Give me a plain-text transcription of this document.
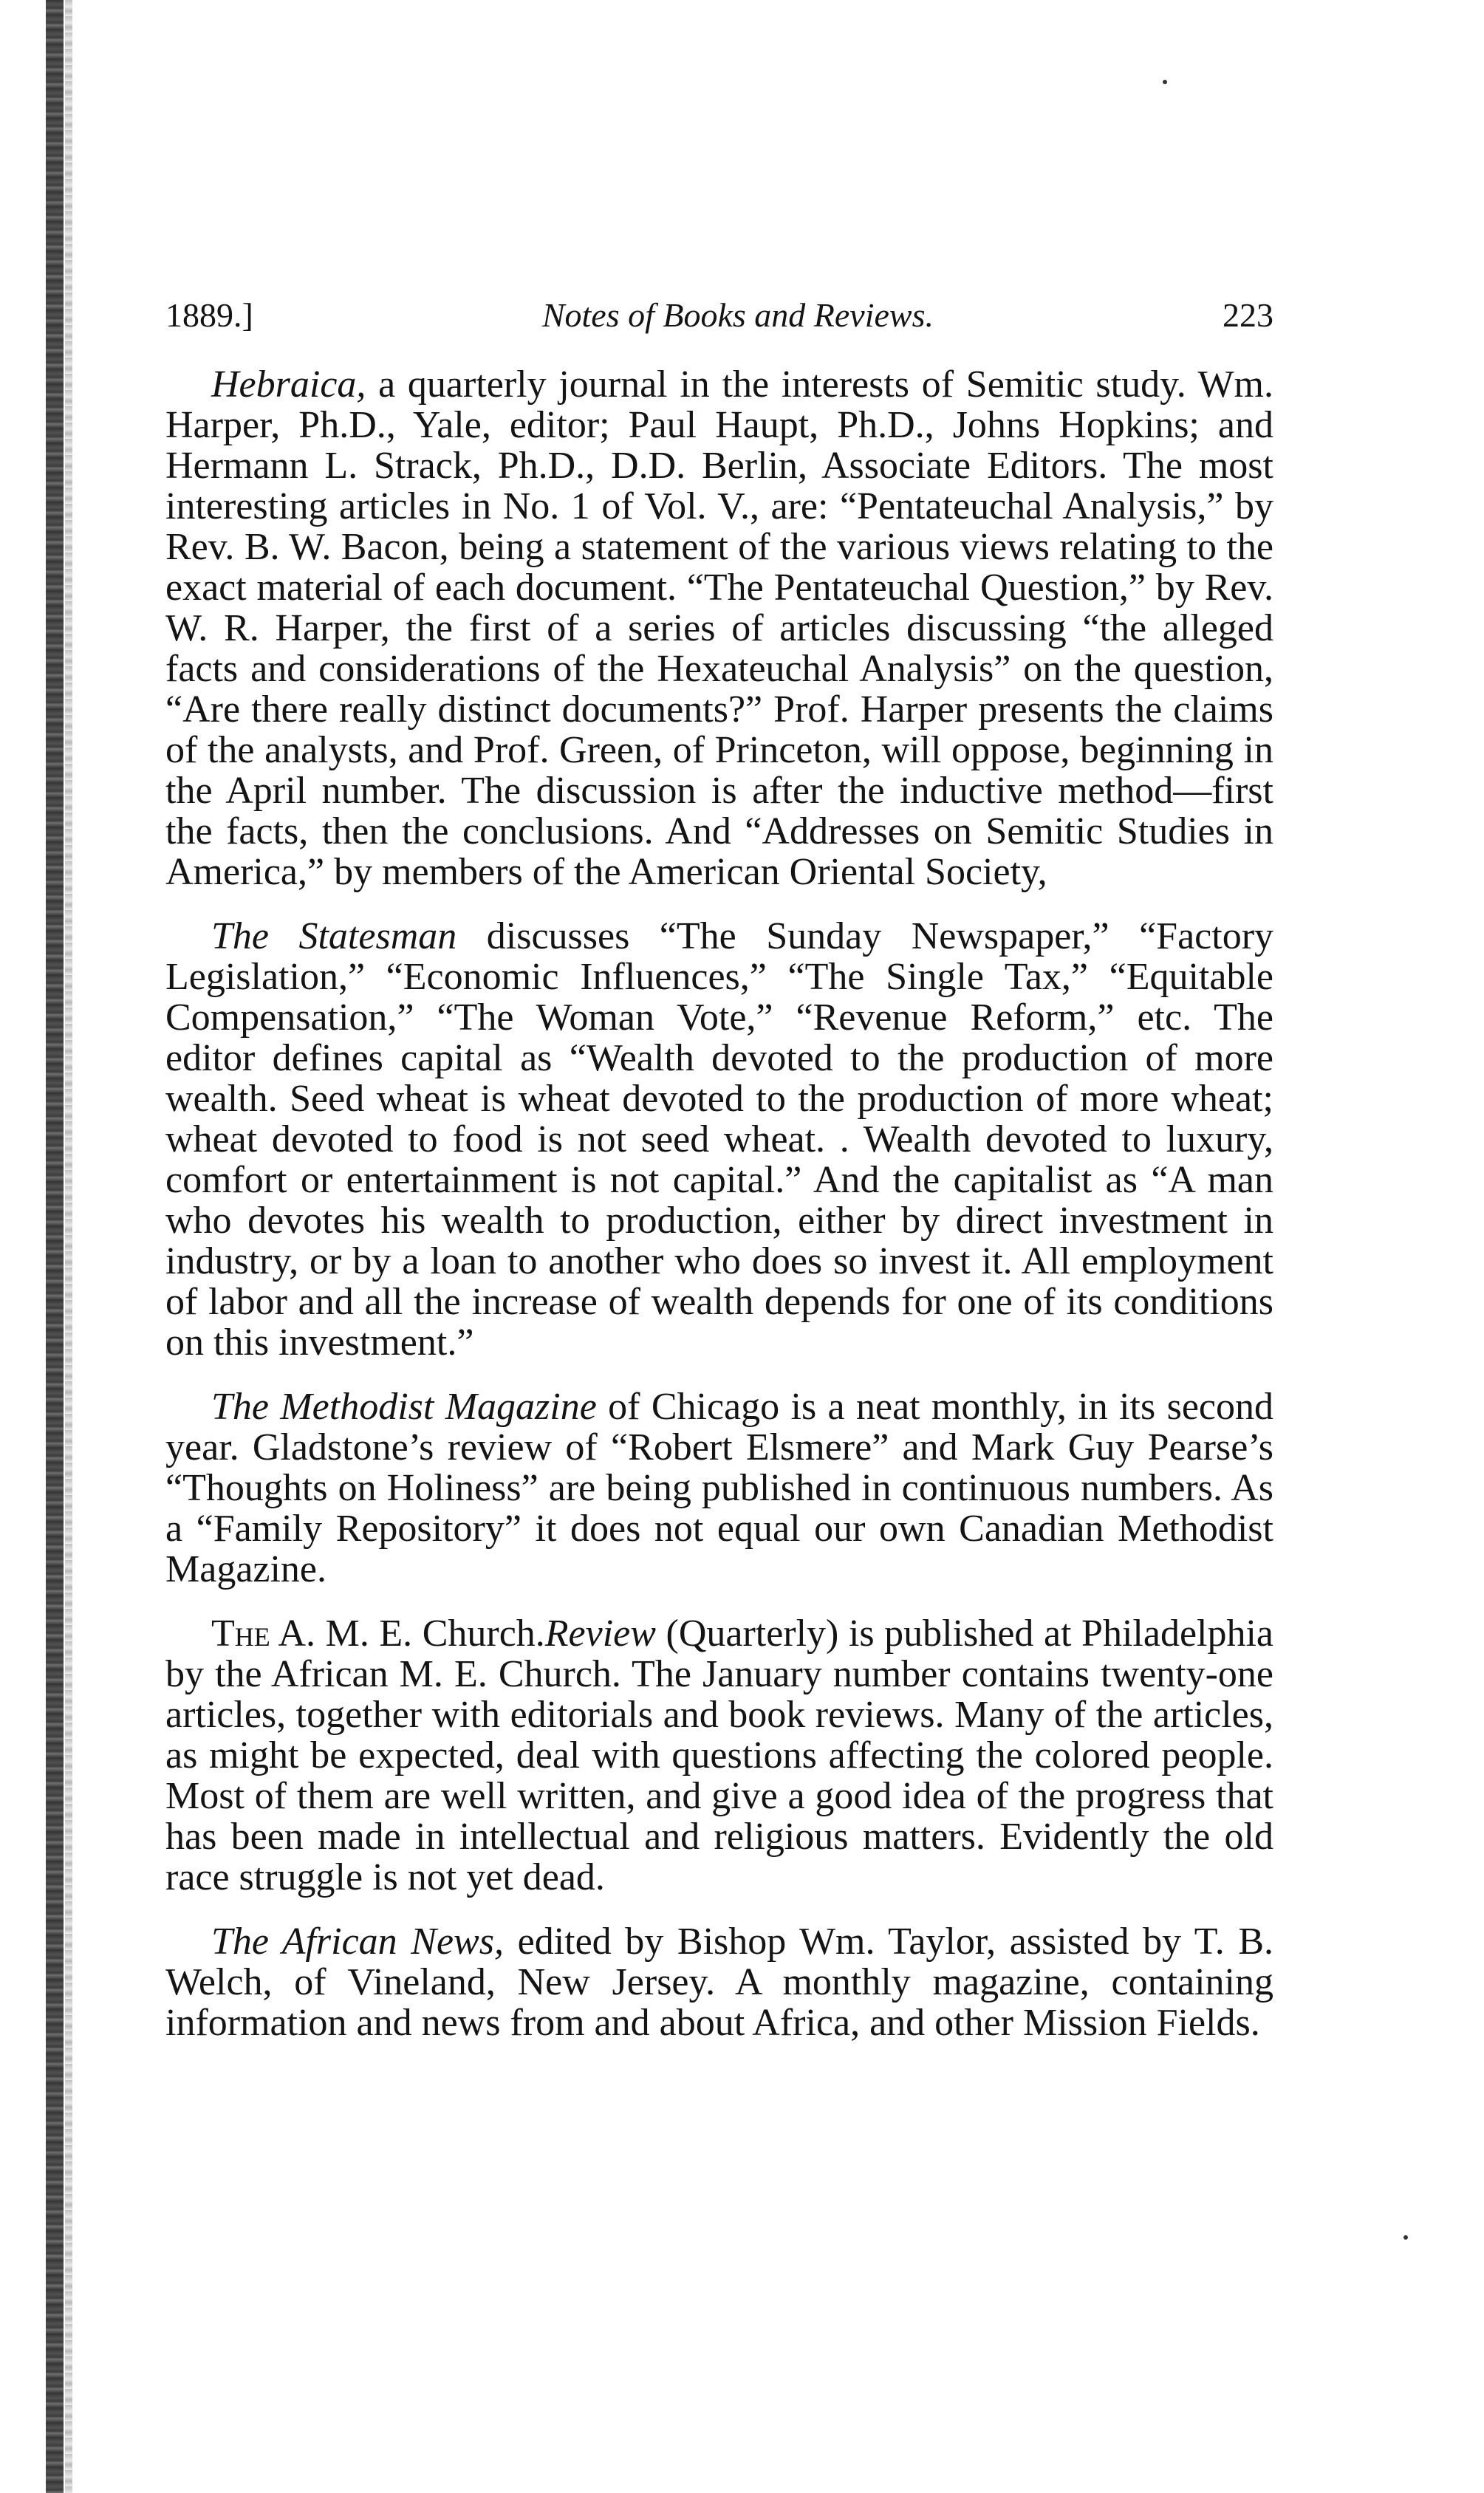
1889.]	Notes of Books and Reviews.	223

Hebraica, a quarterly journal in the interests of Semitic study. Wm. Harper, Ph.D., Yale, editor; Paul Haupt, Ph.D., Johns Hopkins; and Hermann L. Strack, Ph.D., D.D. Berlin, Associate Editors. The most interesting articles in No. 1 of Vol. V., are: “Pentateuchal Analysis,” by Rev. B. W. Bacon, being a statement of the various views relating to the exact material of each document. “The Pentateuchal Question,” by Rev. W. R. Harper, the first of a series of articles discussing “the alleged facts and considerations of the Hexateuchal Analysis” on the question, “Are there really distinct documents?” Prof. Harper presents the claims of the analysts, and Prof. Green, of Princeton, will oppose, beginning in the April number. The discussion is after the inductive method—first the facts, then the conclusions. And “Addresses on Semitic Studies in America,” by members of the American Oriental Society,

The Statesman discusses “The Sunday Newspaper,” “Factory Legislation,” “Economic Influences,” “The Single Tax,” “Equitable Compensation,” “The Woman Vote,” “Revenue Reform,” etc. The editor defines capital as “Wealth devoted to the production of more wealth. Seed wheat is wheat devoted to the production of more wheat; wheat devoted to food is not seed wheat. . Wealth devoted to luxury, comfort or entertainment is not capital.” And the capitalist as “A man who devotes his wealth to production, either by direct investment in industry, or by a loan to another who does so invest it. All employment of labor and all the increase of wealth depends for one of its conditions on this investment.”

The Methodist Magazine of Chicago is a neat monthly, in its second year. Gladstone’s review of “Robert Elsmere” and Mark Guy Pearse’s “Thoughts on Holiness” are being published in continuous numbers. As a “Family Repository” it does not equal our own Canadian Methodist Magazine.

The A. M. E. Church.Review (Quarterly) is published at Philadelphia by the African M. E. Church. The January number contains twenty-one articles, together with editorials and book reviews. Many of the articles, as might be expected, deal with questions affecting the colored people. Most of them are well written, and give a good idea of the progress that has been made in intellectual and religious matters. Evidently the old race struggle is not yet dead.

The African News, edited by Bishop Wm. Taylor, assisted by T. B. Welch, of Vineland, New Jersey. A monthly magazine, containing information and news from and about Africa, and other Mission Fields.
